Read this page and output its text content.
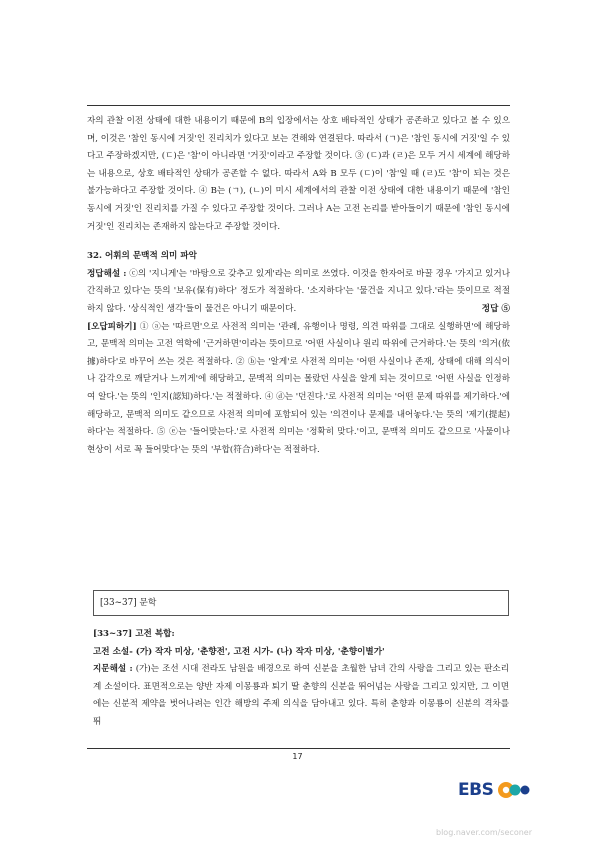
자의 관찰 이전 상태에 대한 내용이기 때문에 B의 입장에서는 상호 배타적인 상태가 공존하고 있다고 볼 수 있으며, 이것은 '참인 동시에 거짓'인 진리치가 있다고 보는 견해와 연결된다. 따라서 (ㄱ)은 '참인 동시에 거짓'일 수 있다고 주장하겠지만, (ㄷ)은 '참'이 아니라면 '거짓'이라고 주장할 것이다. ③ (ㄷ)과 (ㄹ)은 모두 거시 세계에 해당하는 내용으로, 상호 배타적인 상태가 공존할 수 없다. 따라서 A와 B 모두 (ㄷ)이 '참'일 때 (ㄹ)도 '참'이 되는 것은 불가능하다고 주장할 것이다. ④ B는 (ㄱ), (ㄴ)이 미시 세계에서의 관찰 이전 상태에 대한 내용이기 때문에 '참인 동시에 거짓'인 진리치를 가질 수 있다고 주장할 것이다. 그러나 A는 고전 논리를 받아들이기 때문에 '참인 동시에 거짓'인 진리치는 존재하지 않는다고 주장할 것이다.

32. 어휘의 문맥적 의미 파악

정답해설 : ⓒ의 '지니게'는 '바탕으로 갖추고 있게'라는 의미로 쓰였다. 이것을 한자어로 바꿀 경우 '가지고 있거나 간직하고 있다'는 뜻의 '보유(保有)하다' 정도가 적절하다. '소지하다'는 '물건을 지니고 있다.'라는 뜻이므로 적절하지 않다. '상식적인 생각'들이 물건은 아니기 때문이다.	정답 ⑤

[오답피하기] ① ⓐ는 '따르면'으로 사전적 의미는 '관례, 유행이나 명령, 의견 따위를 그대로 실행하면'에 해당하고, 문맥적 의미는 고전 역학에 '근거하면'이라는 뜻이므로 '어떤 사실이나 원리 따위에 근거하다.'는 뜻의 '의거(依據)하다'로 바꾸어 쓰는 것은 적절하다. ② ⓑ는 '알게'로 사전적 의미는 '어떤 사실이나 존재, 상태에 대해 의식이나 감각으로 깨닫거나 느끼게'에 해당하고, 문맥적 의미는 몰랐던 사실을 알게 되는 것이므로 '어떤 사실을 인정하여 알다.'는 뜻의 '인지(認知)하다.'는 적절하다. ④ ⓓ는 '던진다.'로 사전적 의미는 '어떤 문제 따위를 제기하다.'에 해당하고, 문맥적 의미도 같으므로 사전적 의미에 포함되어 있는 '의견이나 문제를 내어놓다.'는 뜻의 '제기(提起)하다'는 적절하다. ⑤ ⓔ는 '들어맞는다.'로 사전적 의미는 '정확히 맞다.'이고, 문맥적 의미도 같으므로 '사물이나 현상이 서로 꼭 들어맞다'는 뜻의 '부합(符合)하다'는 적절하다.

[33~37] 문학

[33~37] 고전 복합:

고전 소설- (가) 작자 미상, '춘향전', 고전 시가- (나) 작자 미상, '춘향이별가'

지문해설 : (가)는 조선 시대 전라도 남원을 배경으로 하여 신분을 초월한 남녀 간의 사랑을 그리고 있는 판소리계 소설이다. 표면적으로는 양반 자제 이몽룡과 퇴기 딸 춘향의 신분을 뛰어넘는 사랑을 그리고 있지만, 그 이면에는 신분적 제약을 벗어나려는 인간 해방의 주제 의식을 담아내고 있다. 특히 춘향과 이몽룡이 신분의 격차를 뛰

17
EBS
blog.naver.com/seconer
